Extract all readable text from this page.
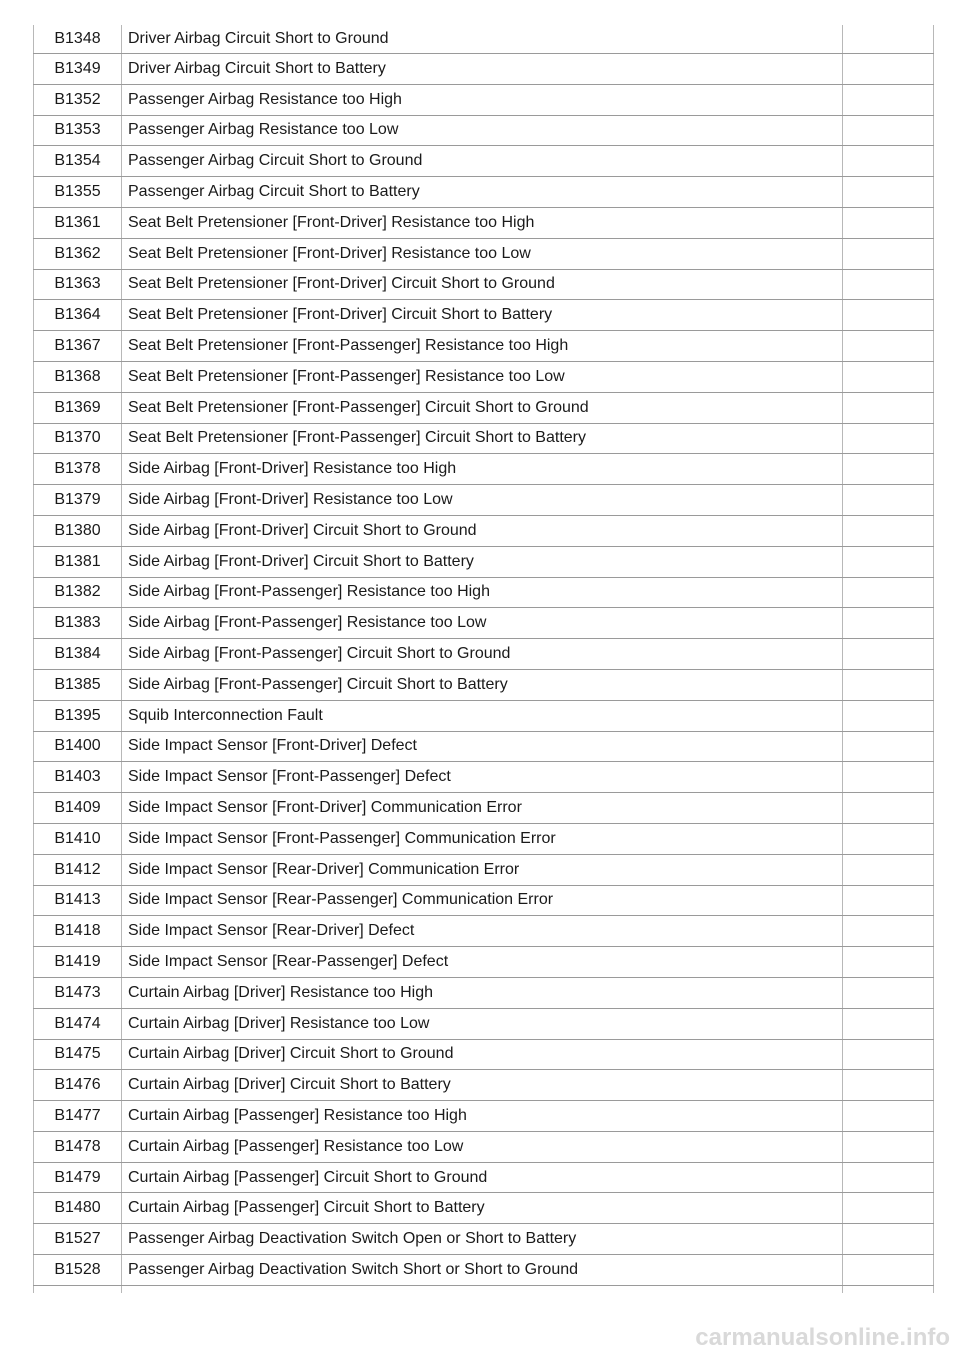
B1348	Driver Airbag Circuit Short to Ground	
B1349	Driver Airbag Circuit Short to Battery	
B1352	Passenger Airbag Resistance too High	
B1353	Passenger Airbag Resistance too Low	
B1354	Passenger Airbag Circuit Short to Ground	
B1355	Passenger Airbag Circuit Short to Battery	
B1361	Seat Belt Pretensioner [Front-Driver] Resistance too High	
B1362	Seat Belt Pretensioner [Front-Driver] Resistance too Low	
B1363	Seat Belt Pretensioner [Front-Driver] Circuit Short to Ground	
B1364	Seat Belt Pretensioner [Front-Driver] Circuit Short to Battery	
B1367	Seat Belt Pretensioner [Front-Passenger] Resistance too High	
B1368	Seat Belt Pretensioner [Front-Passenger] Resistance too Low	
B1369	Seat Belt Pretensioner [Front-Passenger] Circuit Short to Ground	
B1370	Seat Belt Pretensioner [Front-Passenger] Circuit Short to Battery	
B1378	Side Airbag [Front-Driver] Resistance too High	
B1379	Side Airbag [Front-Driver] Resistance too Low	
B1380	Side Airbag [Front-Driver] Circuit Short to Ground	
B1381	Side Airbag [Front-Driver] Circuit Short to Battery	
B1382	Side Airbag [Front-Passenger] Resistance too High	
B1383	Side Airbag [Front-Passenger] Resistance too Low	
B1384	Side Airbag [Front-Passenger] Circuit Short to Ground	
B1385	Side Airbag [Front-Passenger] Circuit Short to Battery	
B1395	Squib Interconnection Fault	
B1400	Side Impact Sensor [Front-Driver] Defect	
B1403	Side Impact Sensor [Front-Passenger] Defect	
B1409	Side Impact Sensor [Front-Driver] Communication Error	
B1410	Side Impact Sensor [Front-Passenger] Communication Error	
B1412	Side Impact Sensor [Rear-Driver] Communication Error	
B1413	Side Impact Sensor [Rear-Passenger] Communication Error	
B1418	Side Impact Sensor [Rear-Driver] Defect	
B1419	Side Impact Sensor [Rear-Passenger] Defect	
B1473	Curtain Airbag [Driver] Resistance too High	
B1474	Curtain Airbag [Driver] Resistance too Low	
B1475	Curtain Airbag [Driver] Circuit Short to Ground	
B1476	Curtain Airbag [Driver] Circuit Short to Battery	
B1477	Curtain Airbag [Passenger] Resistance too High	
B1478	Curtain Airbag [Passenger] Resistance too Low	
B1479	Curtain Airbag [Passenger] Circuit Short to Ground	
B1480	Curtain Airbag [Passenger] Circuit Short to Battery	
B1527	Passenger Airbag Deactivation Switch Open or Short to Battery	
B1528	Passenger Airbag Deactivation Switch Short or Short to Ground	

carmanualsonline.info
